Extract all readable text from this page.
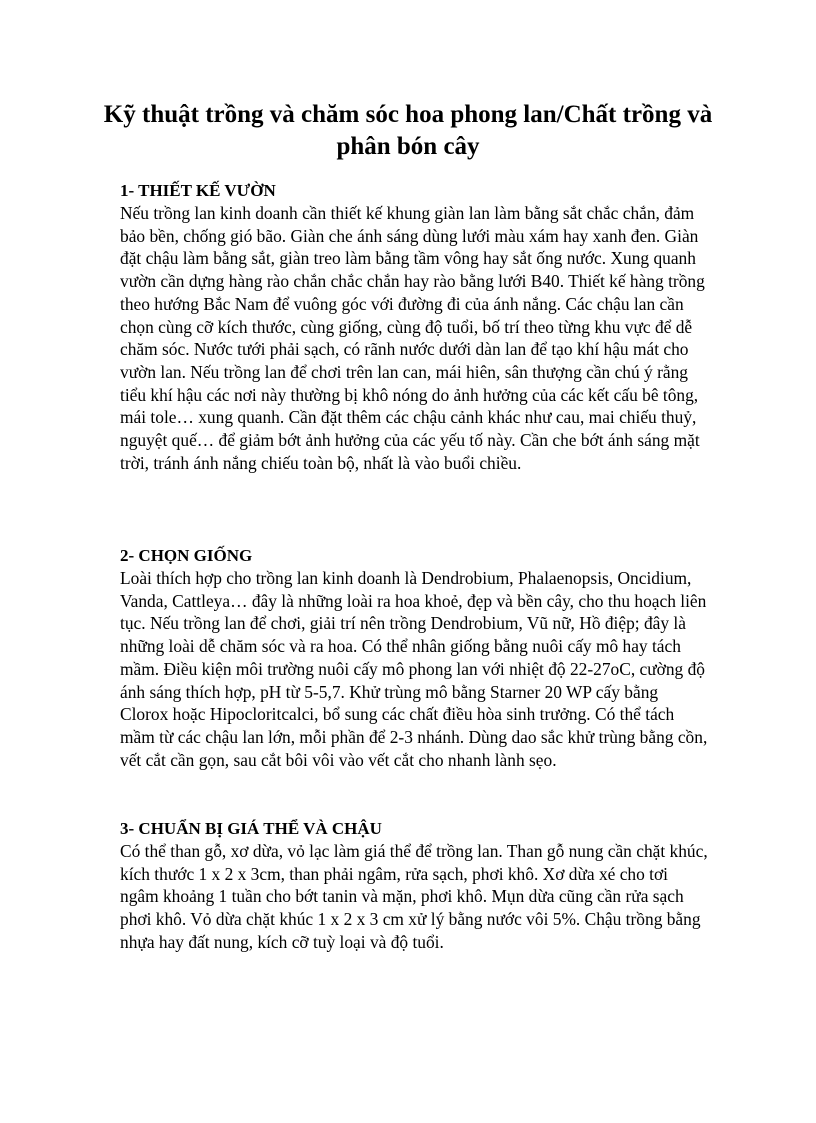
Kỹ thuật trồng và chăm sóc hoa phong lan/Chất trồng và phân bón cây
1- THIẾT KẾ VƯỜN

Nếu trồng lan kinh doanh cần thiết kế khung giàn lan làm bằng sắt chắc chắn, đảm bảo bền, chống gió bão. Giàn che ánh sáng dùng lưới màu xám hay xanh đen. Giàn đặt chậu làm bằng sắt, giàn treo làm bằng tầm vông hay sắt ống nước. Xung quanh vườn cần dựng hàng rào chắn chắc chắn hay rào bằng lưới B40. Thiết kế hàng trồng theo hướng Bắc Nam để vuông góc với đường đi của ánh nắng. Các chậu lan cần chọn cùng cỡ kích thước, cùng giống, cùng độ tuổi, bố trí theo từng khu vực để dễ chăm sóc. Nước tưới phải sạch, có rãnh nước dưới dàn lan để tạo khí hậu mát cho vườn lan. Nếu trồng lan để chơi trên lan can, mái hiên, sân thượng cần chú ý rằng tiểu khí hậu các nơi này thường bị khô nóng do ảnh hưởng của các kết cấu bê tông, mái tole… xung quanh. Cần đặt thêm các chậu cảnh khác như cau, mai chiếu thuỷ, nguyệt quế… để giảm bớt ảnh hưởng của các yếu tố này. Cần che bớt ánh sáng mặt trời, tránh ánh nắng chiếu toàn bộ, nhất là vào buổi chiều.

2- CHỌN GIỐNG

Loài thích hợp cho trồng lan kinh doanh là Dendrobium, Phalaenopsis, Oncidium, Vanda, Cattleya… đây là những loài ra hoa khoẻ, đẹp và bền cây, cho thu hoạch liên tục. Nếu trồng lan để chơi, giải trí nên trồng Dendrobium, Vũ nữ, Hồ điệp; đây là những loài dễ chăm sóc và ra hoa. Có thể nhân giống bằng nuôi cấy mô hay tách mầm. Điều kiện môi trường nuôi cấy mô phong lan với nhiệt độ 22-27oC, cường độ ánh sáng thích hợp, pH từ 5-5,7. Khử trùng mô bằng Starner 20 WP cấy bằng Clorox hoặc Hipocloritcalci, bổ sung các chất điều hòa sinh trưởng. Có thể tách mầm từ các chậu lan lớn, mỗi phần để 2-3 nhánh. Dùng dao sắc khử trùng bằng cồn, vết cắt cần gọn, sau cắt bôi vôi vào vết cắt cho nhanh lành sẹo.

3- CHUẨN BỊ GIÁ THỂ VÀ CHẬU

Có thể than gỗ, xơ dừa, vỏ lạc làm giá thể để trồng lan. Than gỗ nung cần chặt khúc, kích thước 1 x 2 x 3cm, than phải ngâm, rửa sạch, phơi khô. Xơ dừa xé cho tơi ngâm khoảng 1 tuần cho bớt tanin và mặn, phơi khô. Mụn dừa cũng cần rửa sạch phơi khô. Vỏ dừa chặt khúc 1 x 2 x 3 cm xử lý bằng nước vôi 5%. Chậu trồng bằng nhựa hay đất nung, kích cỡ tuỳ loại và độ tuổi.
